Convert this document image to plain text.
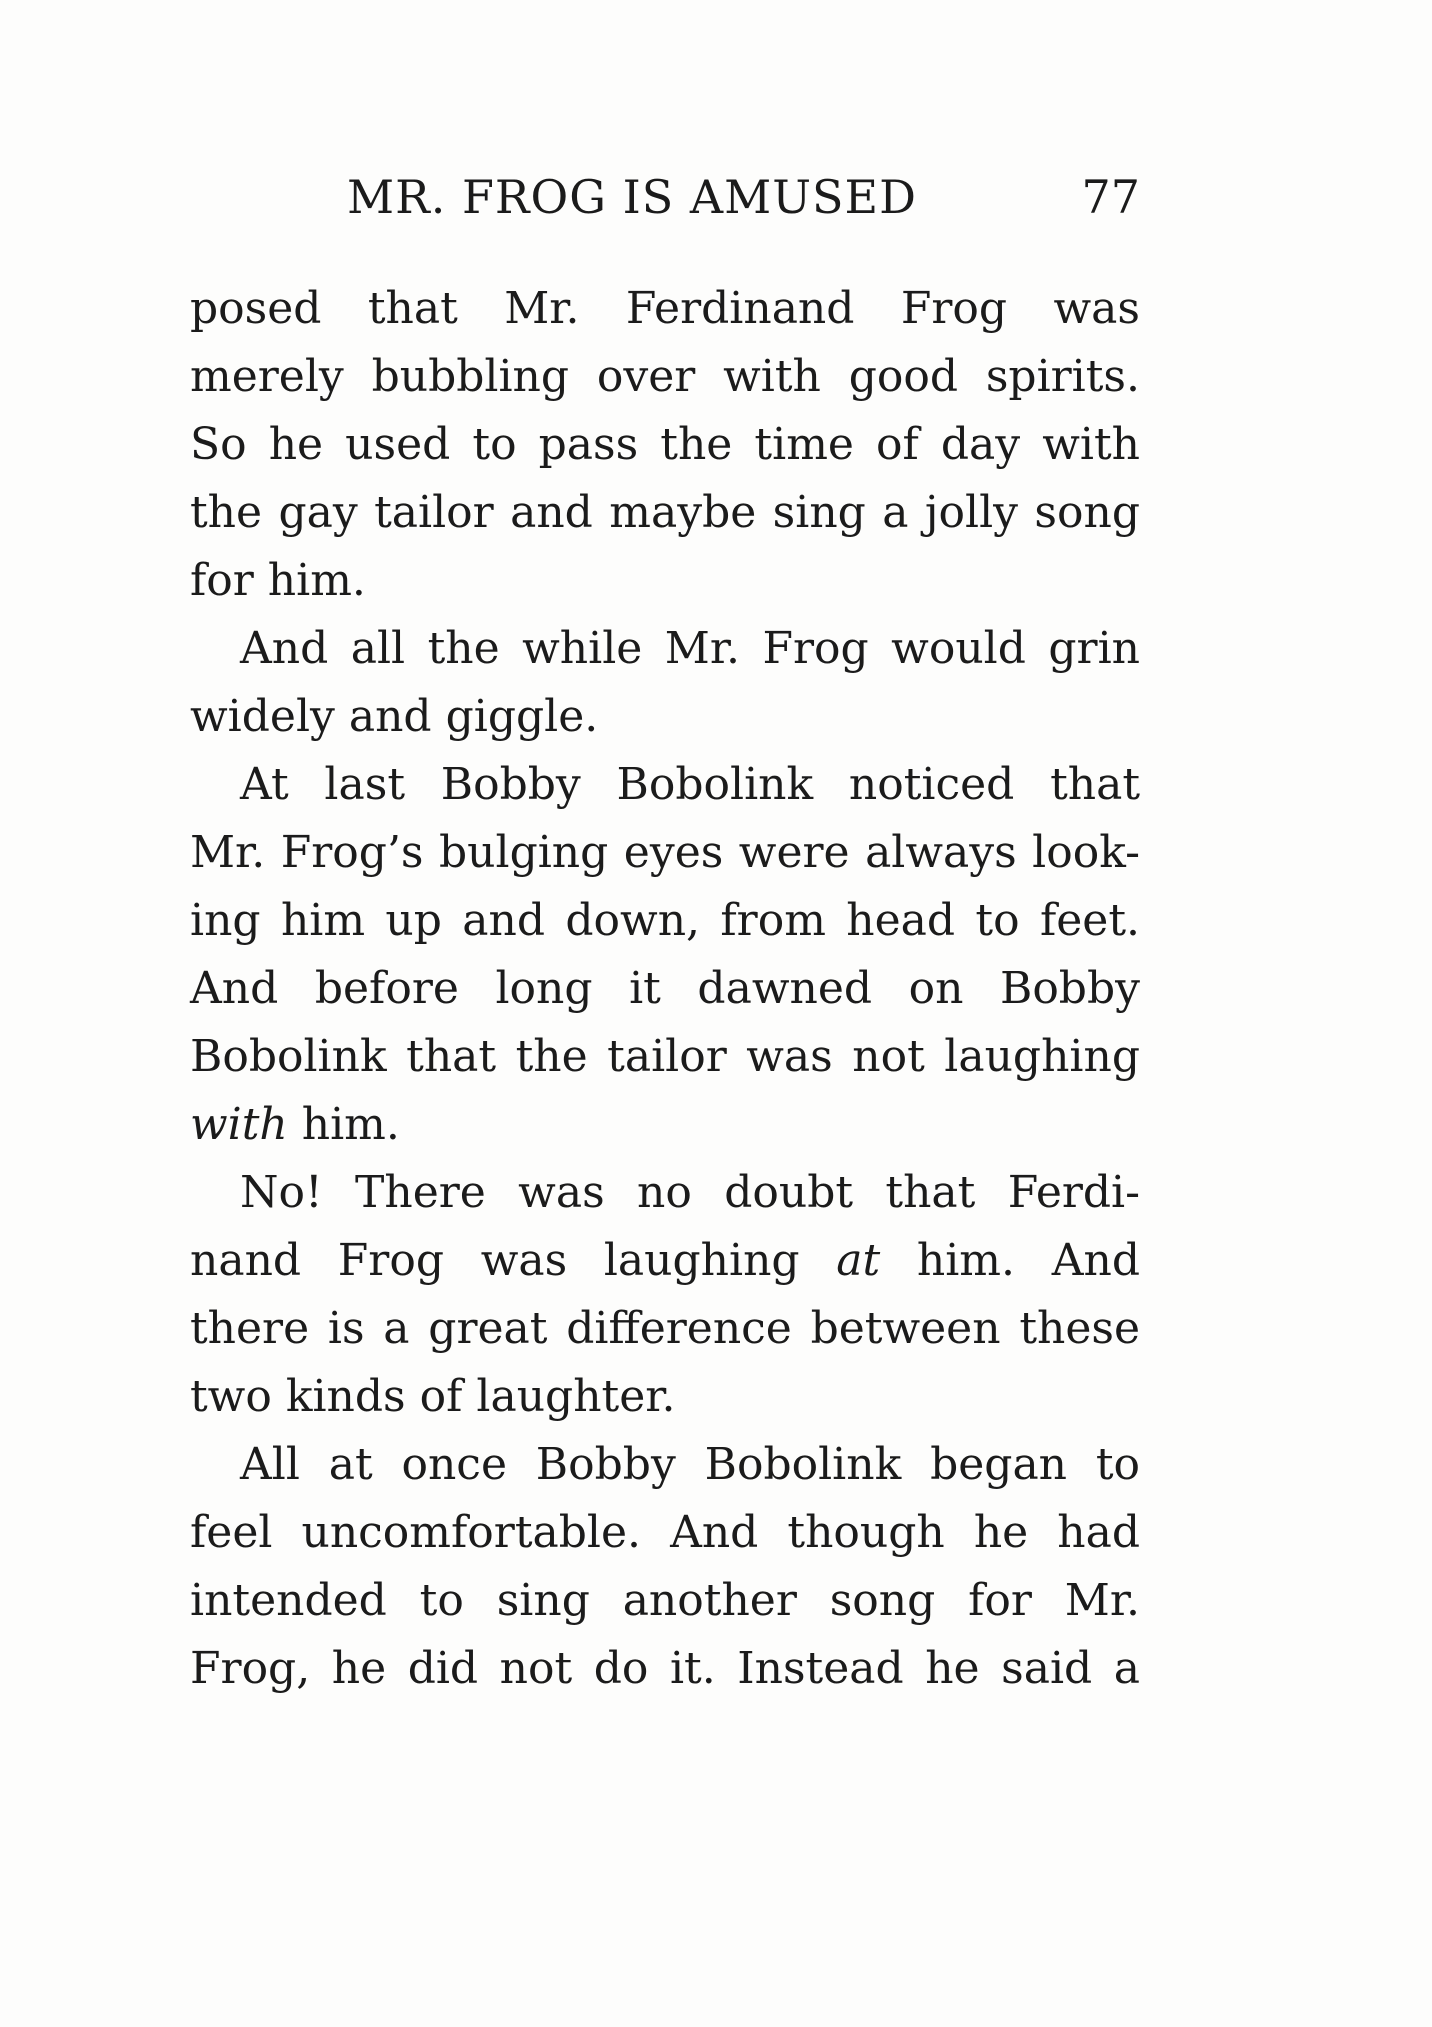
MR. FROG IS AMUSED	77
posed that Mr. Ferdinand Frog was
merely bubbling over with good spirits.
So he used to pass the time of day with
the gay tailor and maybe sing a jolly song
for him.
And all the while Mr. Frog would grin
widely and giggle.
At last Bobby Bobolink noticed that
Mr. Frog’s bulging eyes were always look-
ing him up and down, from head to feet.
And before long it dawned on Bobby
Bobolink that the tailor was not laughing
with him.
No! There was no doubt that Ferdi-
nand Frog was laughing at him. And
there is a great difference between these
two kinds of laughter.
All at once Bobby Bobolink began to
feel uncomfortable. And though he had
intended to sing another song for Mr.
Frog, he did not do it. Instead he said a
